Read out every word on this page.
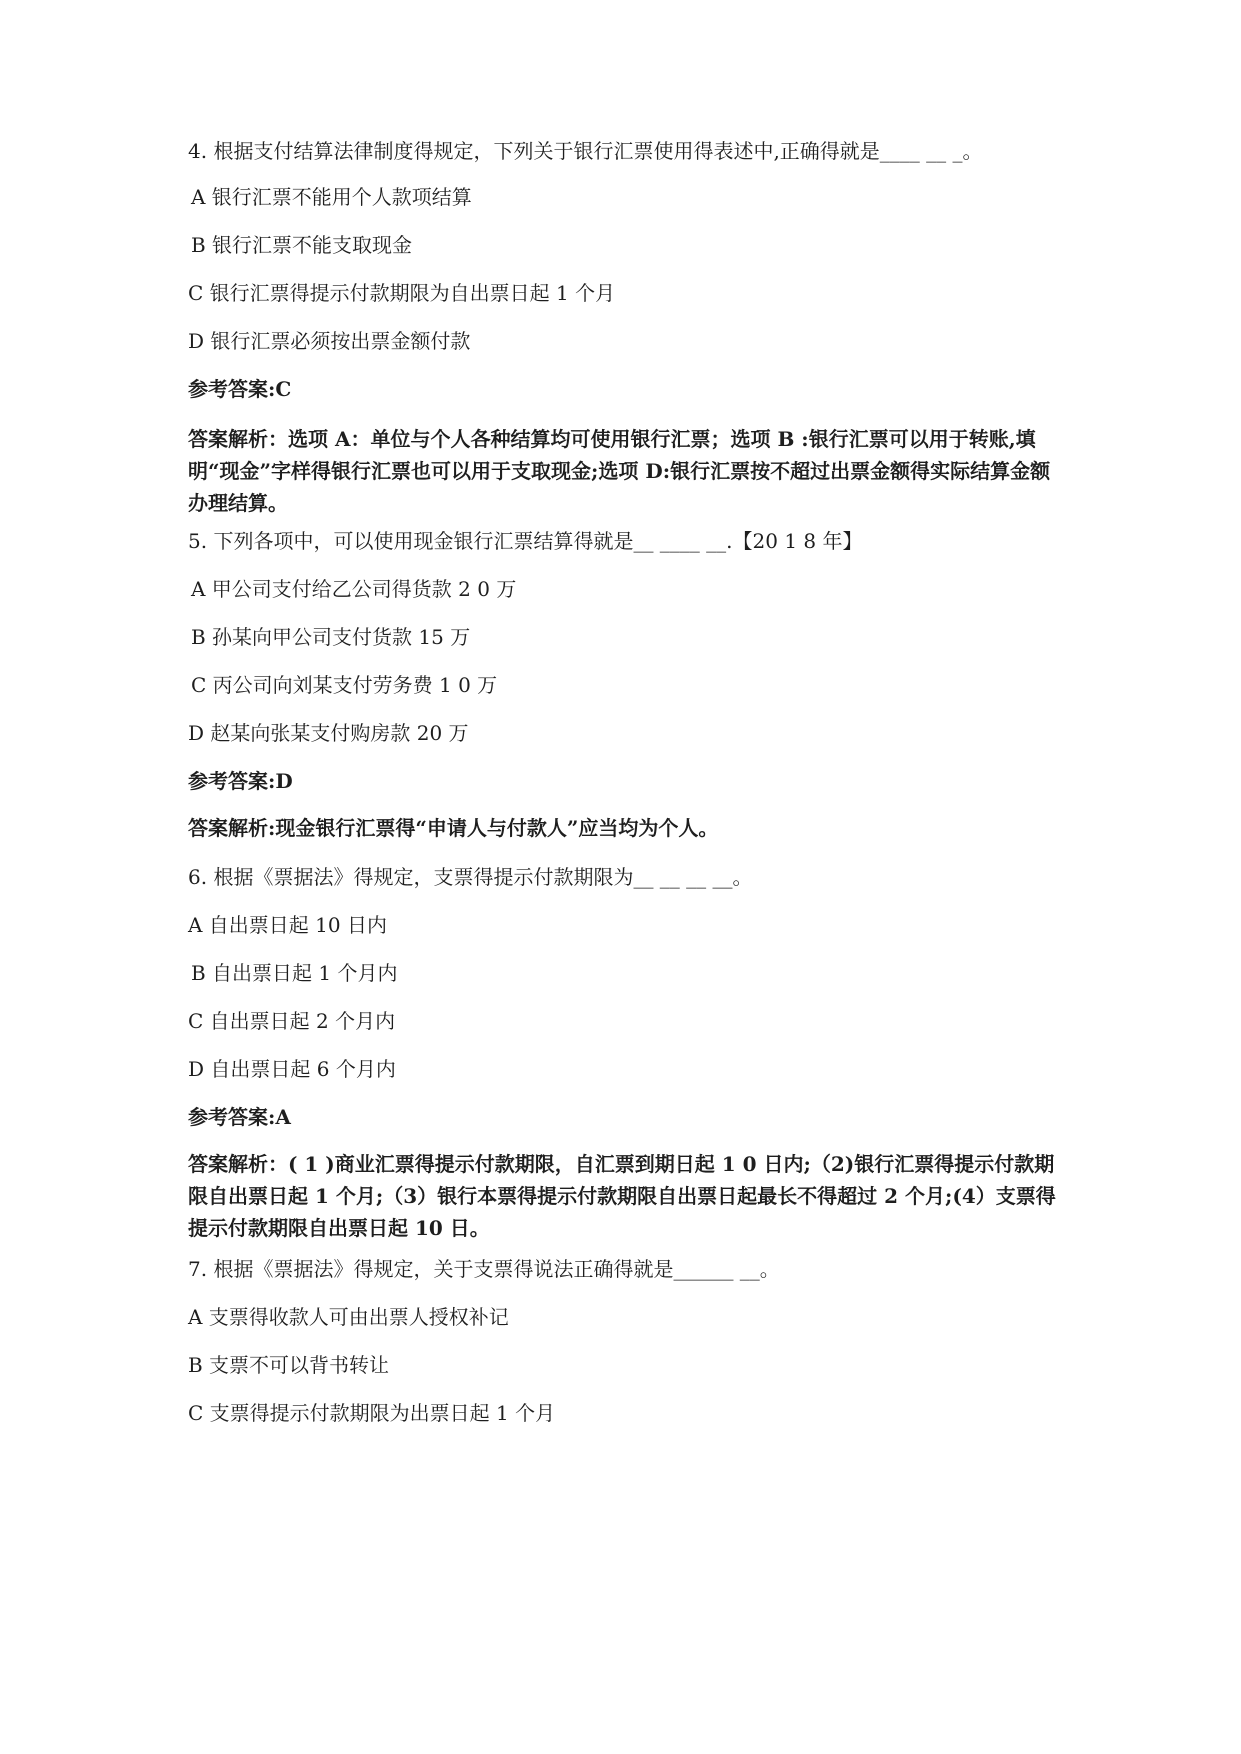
4. 根据支付结算法律制度得规定，下列关于银行汇票使用得表述中,正确得就是____ __ _。
A 银行汇票不能用个人款项结算
B 银行汇票不能支取现金
C 银行汇票得提示付款期限为自出票日起 1 个月
D 银行汇票必须按出票金额付款
参考答案:C
答案解析：选项 A：单位与个人各种结算均可使用银行汇票；选项 B :银行汇票可以用于转账,填明“现金”字样得银行汇票也可以用于支取现金;选项 D:银行汇票按不超过出票金额得实际结算金额办理结算。
5. 下列各项中，可以使用现金银行汇票结算得就是__ ____ __.【20 1 8 年】
A 甲公司支付给乙公司得货款 2 0 万
B 孙某向甲公司支付货款 15 万
C 丙公司向刘某支付劳务费 1 0 万
D 赵某向张某支付购房款 20 万
参考答案:D
答案解析:现金银行汇票得“申请人与付款人”应当均为个人。
6. 根据《票据法》得规定，支票得提示付款期限为__ __ __ __。
A 自出票日起 10 日内
B 自出票日起 1 个月内
C 自出票日起 2 个月内
D 自出票日起 6 个月内
参考答案:A
答案解析：( 1 )商业汇票得提示付款期限，自汇票到期日起 1 0 日内;（2)银行汇票得提示付款期限自出票日起 1 个月;（3）银行本票得提示付款期限自出票日起最长不得超过 2 个月;(4）支票得提示付款期限自出票日起 10 日。
7. 根据《票据法》得规定，关于支票得说法正确得就是______ __。
A 支票得收款人可由出票人授权补记
B 支票不可以背书转让
C 支票得提示付款期限为出票日起 1 个月
